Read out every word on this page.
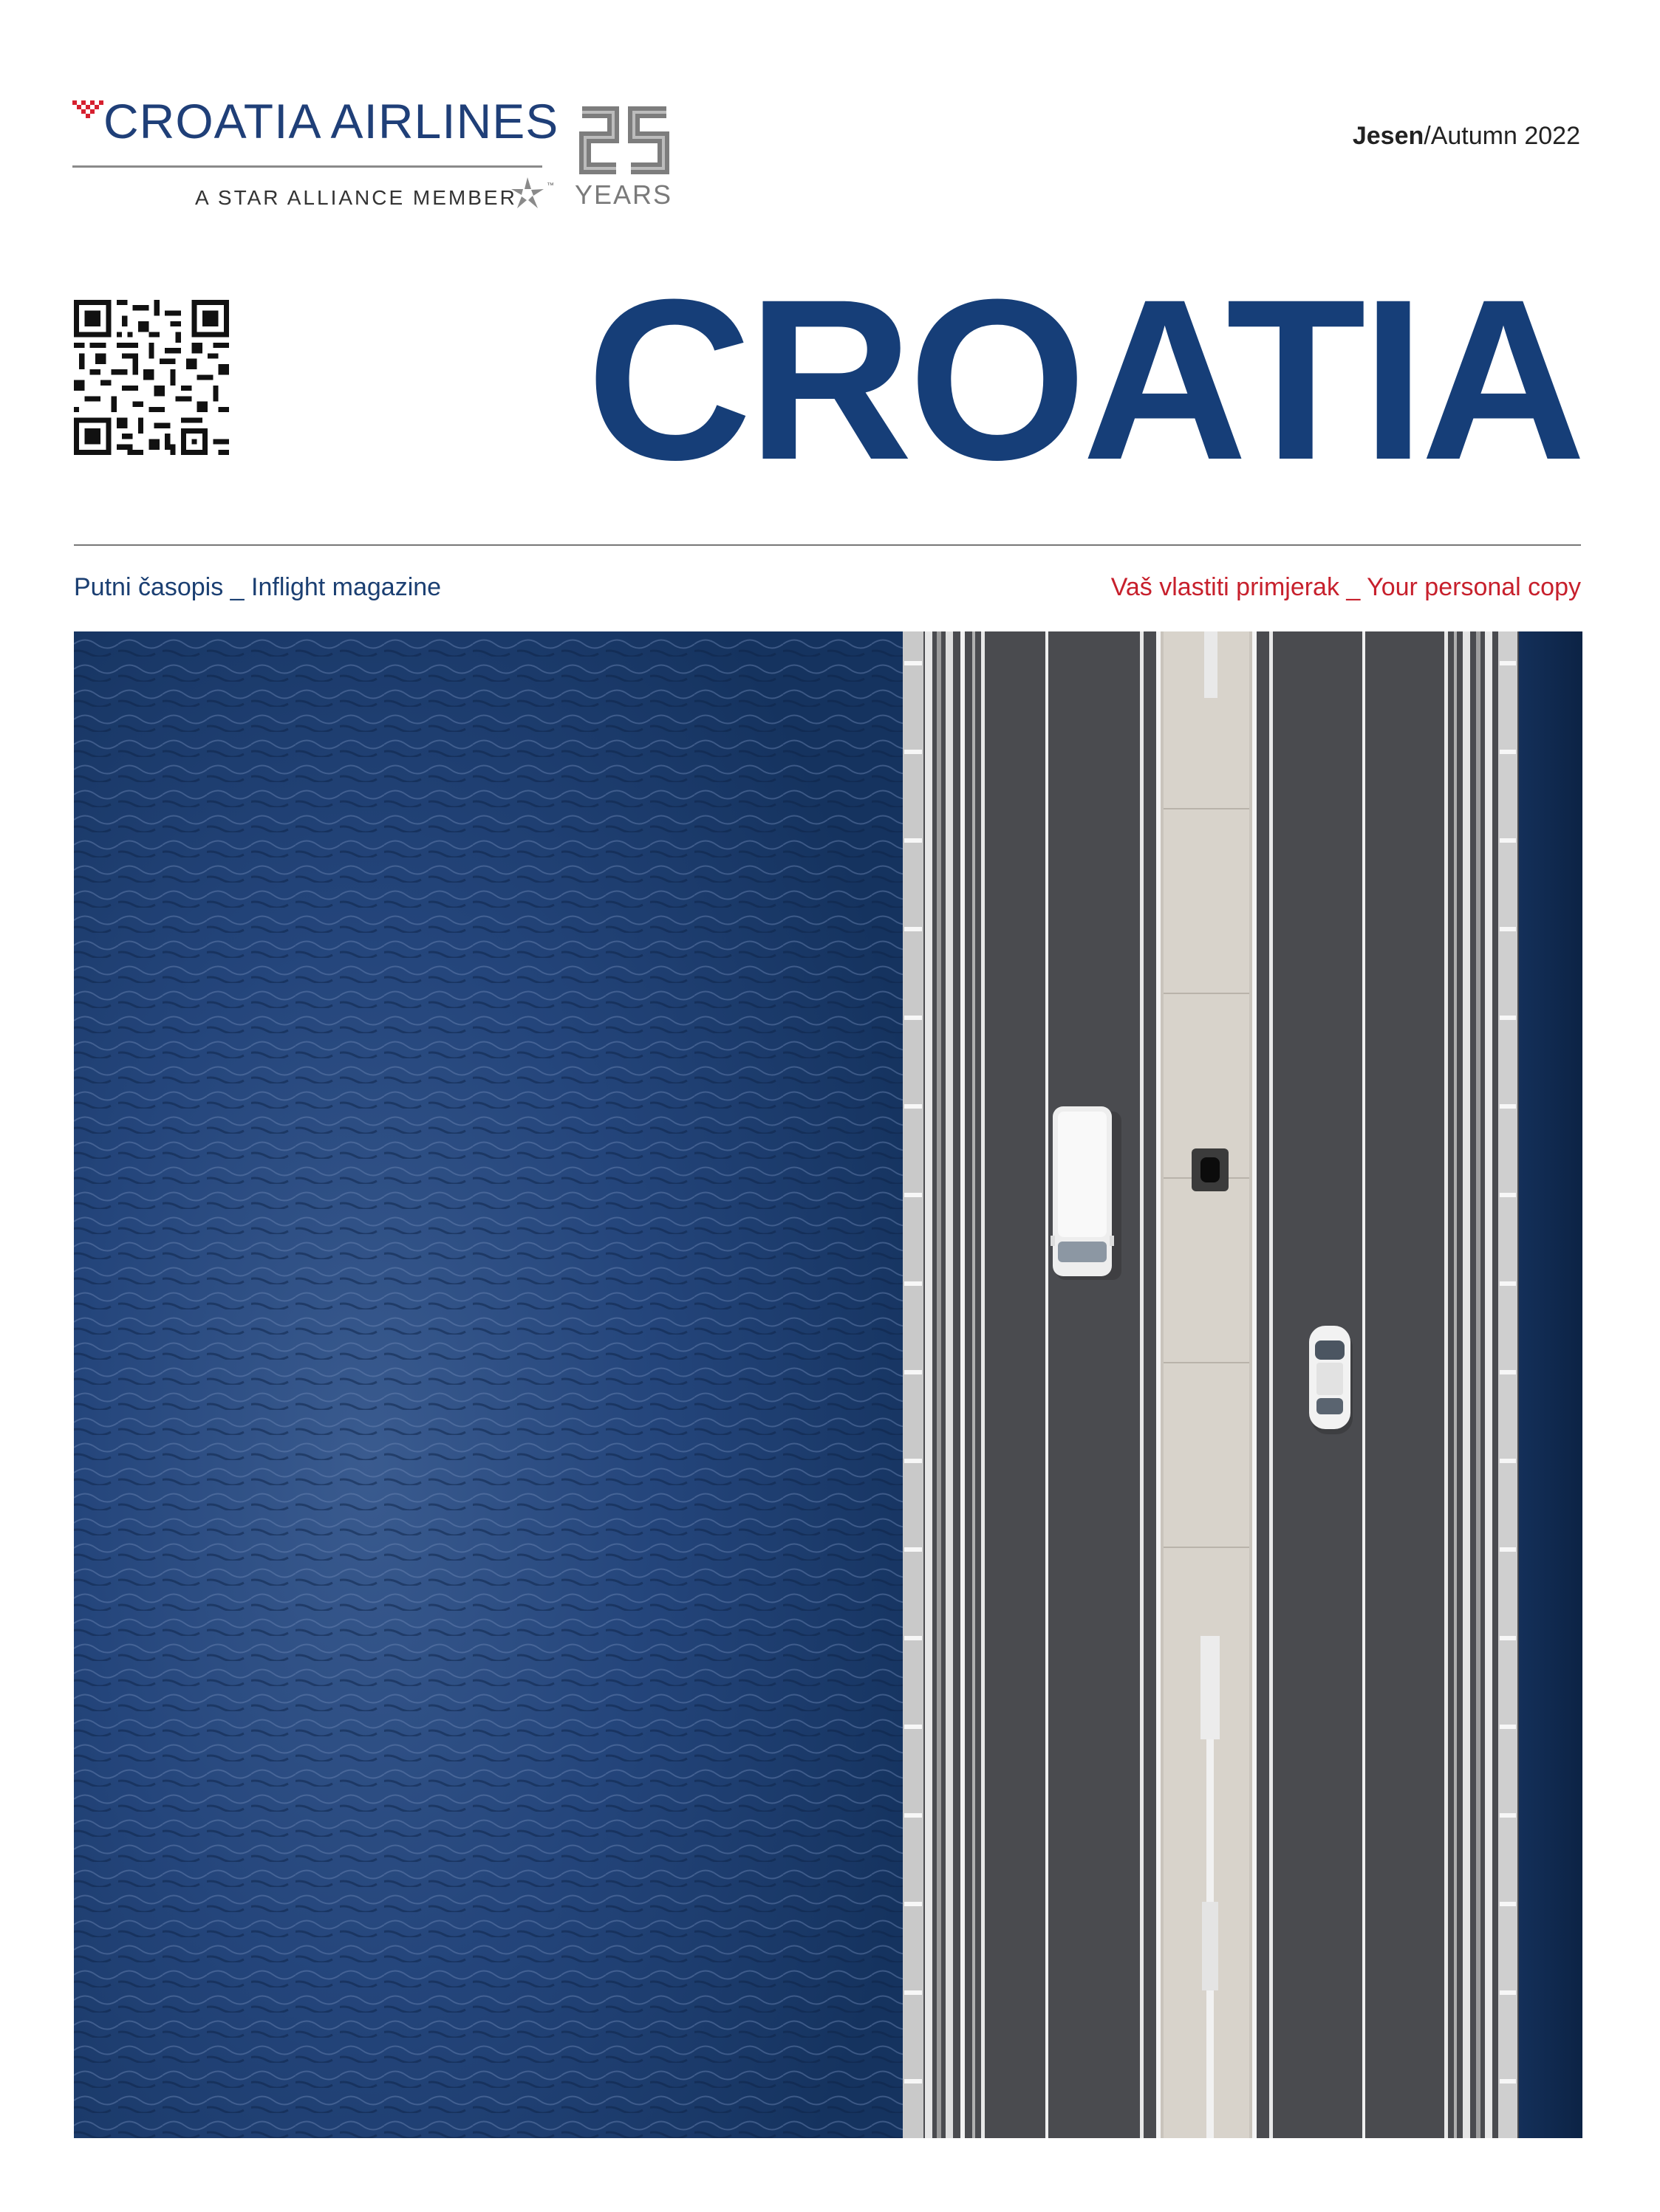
CROATIA AIRLINES
A STAR ALLIANCE MEMBER
™ YEARS
Jesen/Autumn 2022
CROATIA
Putni časopis _ Inflight magazine	Vaš vlastiti primjerak _ Your personal copy
